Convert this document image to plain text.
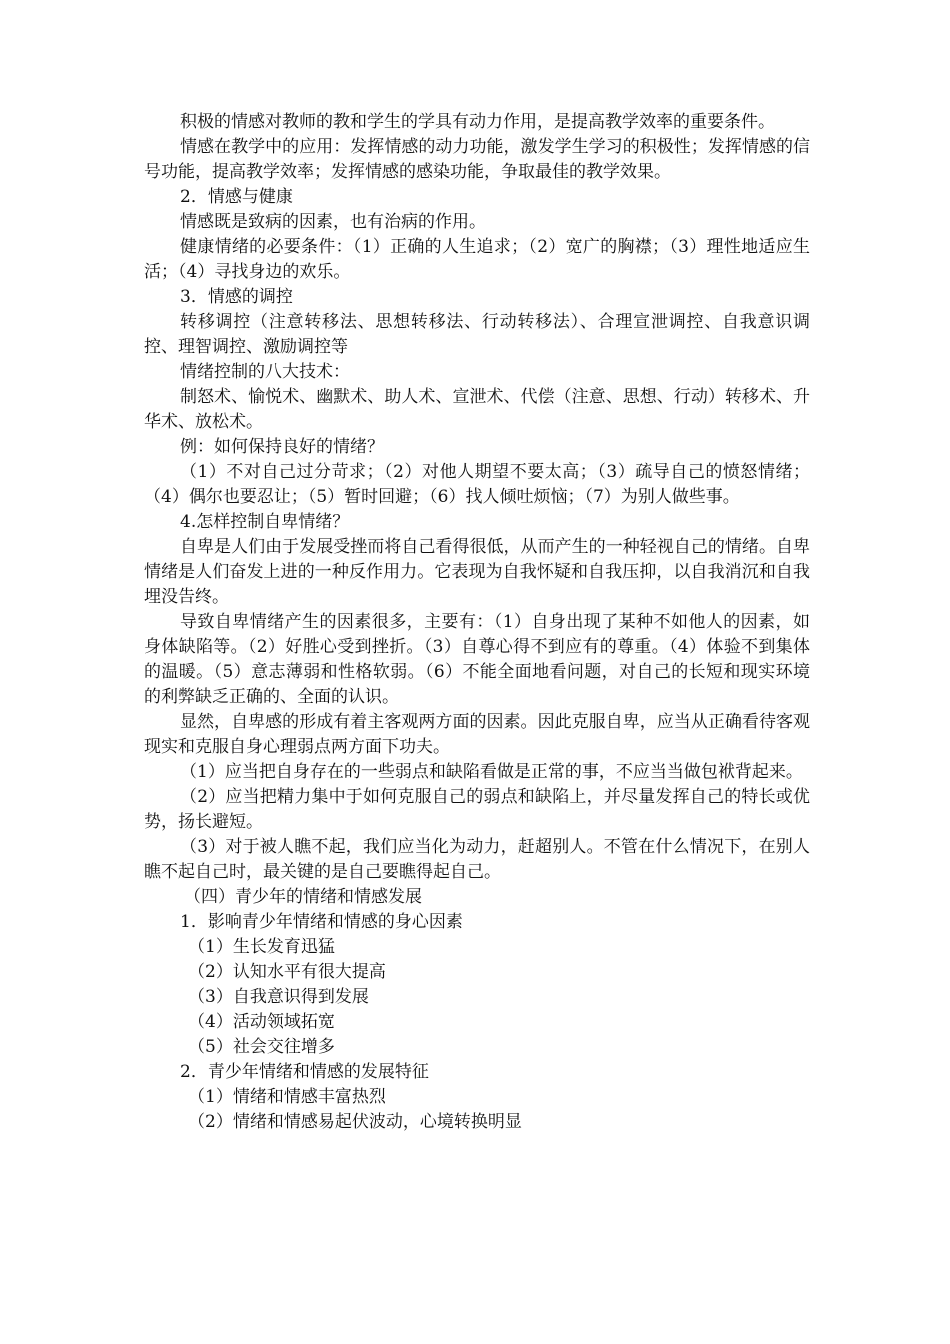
积极的情感对教师的教和学生的学具有动力作用，是提高教学效率的重要条件。

情感在教学中的应用：发挥情感的动力功能，激发学生学习的积极性；发挥情感的信号功能，提高教学效率；发挥情感的感染功能，争取最佳的教学效果。

2．情感与健康

情感既是致病的因素，也有治病的作用。

健康情绪的必要条件：（1）正确的人生追求；（2）宽广的胸襟；（3）理性地适应生活；（4）寻找身边的欢乐。

3．情感的调控

转移调控（注意转移法、思想转移法、行动转移法）、合理宣泄调控、自我意识调控、理智调控、激励调控等

情绪控制的八大技术：

制怒术、愉悦术、幽默术、助人术、宣泄术、代偿（注意、思想、行动）转移术、升华术、放松术。

例：如何保持良好的情绪？

（1）不对自己过分苛求；（2）对他人期望不要太高；（3）疏导自己的愤怒情绪；（4）偶尔也要忍让；（5）暂时回避；（6）找人倾吐烦恼；（7）为别人做些事。

4.怎样控制自卑情绪？

自卑是人们由于发展受挫而将自己看得很低，从而产生的一种轻视自己的情绪。自卑情绪是人们奋发上进的一种反作用力。它表现为自我怀疑和自我压抑，以自我消沉和自我埋没告终。

导致自卑情绪产生的因素很多，主要有：（1）自身出现了某种不如他人的因素，如身体缺陷等。（2）好胜心受到挫折。（3）自尊心得不到应有的尊重。（4）体验不到集体的温暖。（5）意志薄弱和性格软弱。（6）不能全面地看问题，对自己的长短和现实环境的利弊缺乏正确的、全面的认识。

显然，自卑感的形成有着主客观两方面的因素。因此克服自卑，应当从正确看待客观现实和克服自身心理弱点两方面下功夫。

（1）应当把自身存在的一些弱点和缺陷看做是正常的事，不应当当做包袱背起来。

（2）应当把精力集中于如何克服自己的弱点和缺陷上，并尽量发挥自己的特长或优势，扬长避短。

（3）对于被人瞧不起，我们应当化为动力，赶超别人。不管在什么情况下，在别人瞧不起自己时，最关键的是自己要瞧得起自己。

（四）青少年的情绪和情感发展

1．影响青少年情绪和情感的身心因素

（1）生长发育迅猛

（2）认知水平有很大提高

（3）自我意识得到发展

（4）活动领域拓宽

（5）社会交往增多

2．青少年情绪和情感的发展特征

（1）情绪和情感丰富热烈

（2）情绪和情感易起伏波动，心境转换明显
